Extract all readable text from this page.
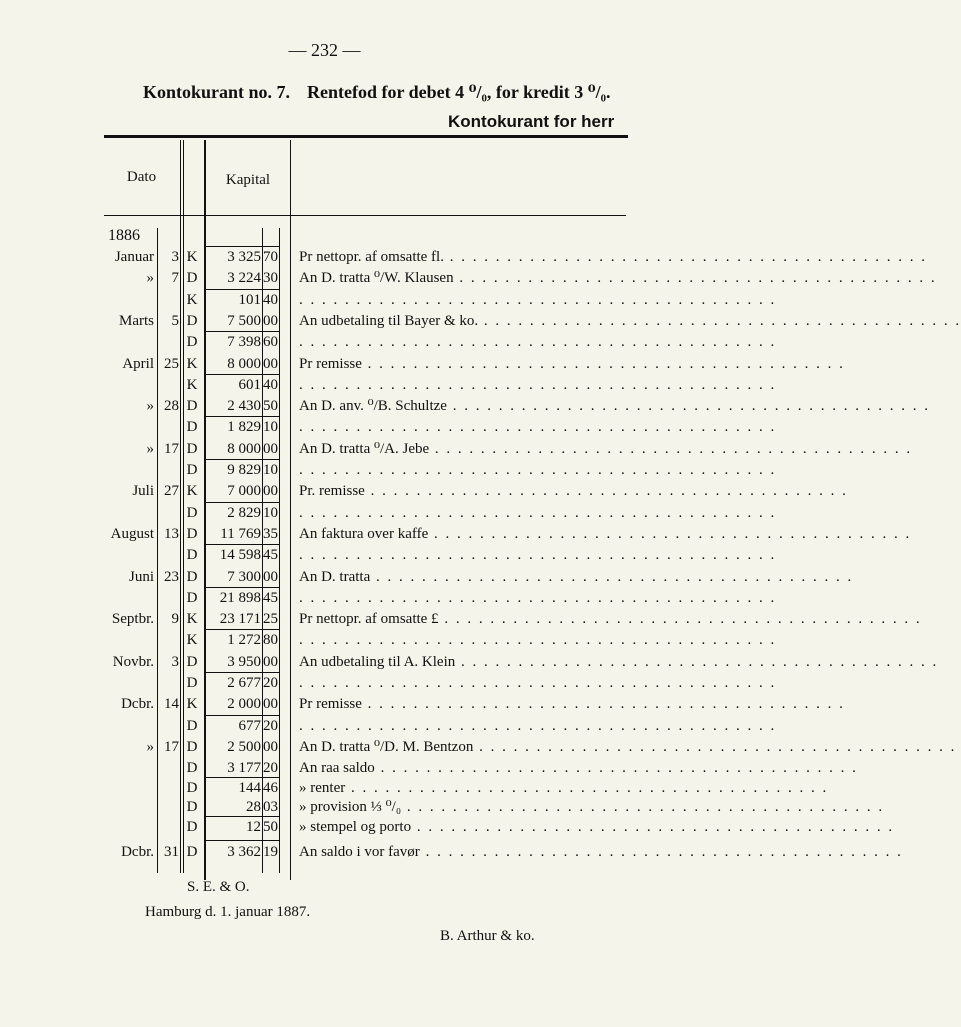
— 232 —
Kontokurant no. 7. Rentefod for debet 4 ⁰/₀, for kredit 3 ⁰/₀.
Kontokurant for herr
Dato	Kapital
1886
Januar	3 K	3 325 70 Pr nettopr. af omsatte fl. . . . . . . . . . . . . . . . . . . . . . . . . . . . . . . . . . . . . . . . . . .
»	7 D	3 224 30 An D. tratta ⁰/W. Klausen . . . . . . . . . . . . . . . . . . . . . . . . . . . . . . . . . . . . . . . . . .
K	101 40 . . . . . . . . . . . . . . . . . . . . . . . . . . . . . . . . . . . . . . . . . .
Marts	5 D	7 500 00 An udbetaling til Bayer & ko. . . . . . . . . . . . . . . . . . . . . . . . . . . . . . . . . . . . . . . . . . .
D	7 398 60 . . . . . . . . . . . . . . . . . . . . . . . . . . . . . . . . . . . . . . . . . .
April 25 K	8 000 00 Pr remisse . . . . . . . . . . . . . . . . . . . . . . . . . . . . . . . . . . . . . . . . . .
K	601 40 . . . . . . . . . . . . . . . . . . . . . . . . . . . . . . . . . . . . . . . . . .
» 28 D	2 430 50 An D. anv. ⁰/B. Schultze . . . . . . . . . . . . . . . . . . . . . . . . . . . . . . . . . . . . . . . . . .
D	1 829 10 . . . . . . . . . . . . . . . . . . . . . . . . . . . . . . . . . . . . . . . . . .
» 17 D	8 000 00 An D. tratta ⁰/A. Jebe . . . . . . . . . . . . . . . . . . . . . . . . . . . . . . . . . . . . . . . . . .
D	9 829 10 . . . . . . . . . . . . . . . . . . . . . . . . . . . . . . . . . . . . . . . . . .
Juli 27 K	7 000 00 Pr. remisse . . . . . . . . . . . . . . . . . . . . . . . . . . . . . . . . . . . . . . . . . .
D	2 829 10 . . . . . . . . . . . . . . . . . . . . . . . . . . . . . . . . . . . . . . . . . .
August 13 D	11 769 35 An faktura over kaffe . . . . . . . . . . . . . . . . . . . . . . . . . . . . . . . . . . . . . . . . . .
D	14 598 45 . . . . . . . . . . . . . . . . . . . . . . . . . . . . . . . . . . . . . . . . . .
Juni 23 D	7 300 00 An D. tratta . . . . . . . . . . . . . . . . . . . . . . . . . . . . . . . . . . . . . . . . . .
D	21 898 45 . . . . . . . . . . . . . . . . . . . . . . . . . . . . . . . . . . . . . . . . . .
Septbr.	9 K	23 171 25 Pr nettopr. af omsatte £ . . . . . . . . . . . . . . . . . . . . . . . . . . . . . . . . . . . . . . . . . .
K	1 272 80 . . . . . . . . . . . . . . . . . . . . . . . . . . . . . . . . . . . . . . . . . .
Novbr.	3 D	3 950 00 An udbetaling til A. Klein . . . . . . . . . . . . . . . . . . . . . . . . . . . . . . . . . . . . . . . . . .
D	2 677 20 . . . . . . . . . . . . . . . . . . . . . . . . . . . . . . . . . . . . . . . . . .
Dcbr. 14 K	2 000 00 Pr remisse . . . . . . . . . . . . . . . . . . . . . . . . . . . . . . . . . . . . . . . . . .
D	677 20 . . . . . . . . . . . . . . . . . . . . . . . . . . . . . . . . . . . . . . . . . .
» 17 D	2 500 00 An D. tratta ⁰/D. M. Bentzon . . . . . . . . . . . . . . . . . . . . . . . . . . . . . . . . . . . . . . . . . .
D	3 177 20 An raa saldo . . . . . . . . . . . . . . . . . . . . . . . . . . . . . . . . . . . . . . . . . .
D	144 46 » renter . . . . . . . . . . . . . . . . . . . . . . . . . . . . . . . . . . . . . . . . . .
D	28 03 » provision ⅓ ⁰/₀ . . . . . . . . . . . . . . . . . . . . . . . . . . . . . . . . . . . . . . . . . .
D	12 50 » stempel og porto . . . . . . . . . . . . . . . . . . . . . . . . . . . . . . . . . . . . . . . . . .
Dcbr. 31 D	3 362 19 An saldo i vor favør . . . . . . . . . . . . . . . . . . . . . . . . . . . . . . . . . . . . . . . . . .
S. E. & O.
Hamburg d. 1. januar 1887.
B. Arthur & ko.
